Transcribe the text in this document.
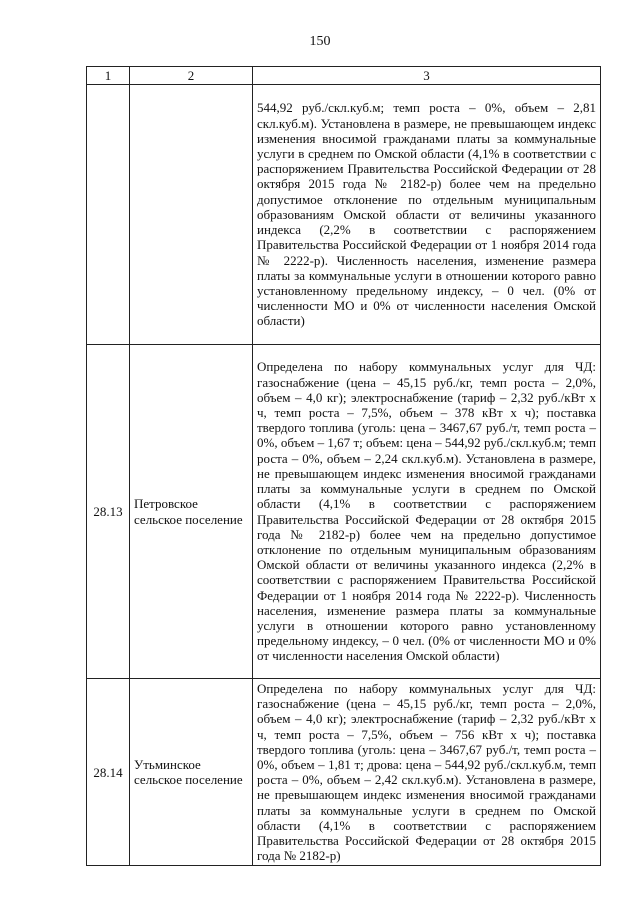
150
1	2	3
		544,92 руб./скл.куб.м; темп роста – 0%, объем – 2,81 скл.куб.м). Установлена в размере, не превышающем индекс изменения вносимой гражданами платы за коммунальные услуги в среднем по Омской области (4,1% в соответствии с распоряжением Правительства Российской Федерации от 28 октября 2015 года № 2182-р) более чем на предельно допустимое отклонение по отдельным муниципальным образованиям Омской области от величины указанного индекса (2,2% в соответствии с распоряжением Правительства Российской Федерации от 1 ноября 2014 года № 2222-р). Численность населения, изменение размера платы за коммунальные услуги в отношении которого равно установленному предельному индексу, – 0 чел. (0% от численности МО и 0% от численности населения Омской области)
28.13	Петровское сельское поселение	Определена по набору коммунальных услуг для ЧД: газоснабжение (цена – 45,15 руб./кг, темп роста – 2,0%, объем – 4,0 кг); электроснабжение (тариф – 2,32 руб./кВт х ч, темп роста – 7,5%, объем – 378 кВт х ч); поставка твердого топлива (уголь: цена – 3467,67 руб./т, темп роста – 0%, объем – 1,67 т; объем: цена – 544,92 руб./скл.куб.м; темп роста – 0%, объем – 2,24 скл.куб.м). Установлена в размере, не превышающем индекс изменения вносимой гражданами платы за коммунальные услуги в среднем по Омской области (4,1% в соответствии с распоряжением Правительства Российской Федерации от 28 октября 2015 года № 2182-р) более чем на предельно допустимое отклонение по отдельным муниципальным образованиям Омской области от величины указанного индекса (2,2% в соответствии с распоряжением Правительства Российской Федерации от 1 ноября 2014 года № 2222-р). Численность населения, изменение размера платы за коммунальные услуги в отношении которого равно установленному предельному индексу, – 0 чел. (0% от численности МО и 0% от численности населения Омской области)
28.14	Утьминское сельское поселение	Определена по набору коммунальных услуг для ЧД: газоснабжение (цена – 45,15 руб./кг, темп роста – 2,0%, объем – 4,0 кг); электроснабжение (тариф – 2,32 руб./кВт х ч, темп роста – 7,5%, объем – 756 кВт х ч); поставка твердого топлива (уголь: цена – 3467,67 руб./т, темп роста – 0%, объем – 1,81 т; дрова: цена – 544,92 руб./скл.куб.м, темп роста – 0%, объем – 2,42 скл.куб.м). Установлена в размере, не превышающем индекс изменения вносимой гражданами платы за коммунальные услуги в среднем по Омской области (4,1% в соответствии с распоряжением Правительства Российской Федерации от 28 октября 2015 года № 2182-р)
